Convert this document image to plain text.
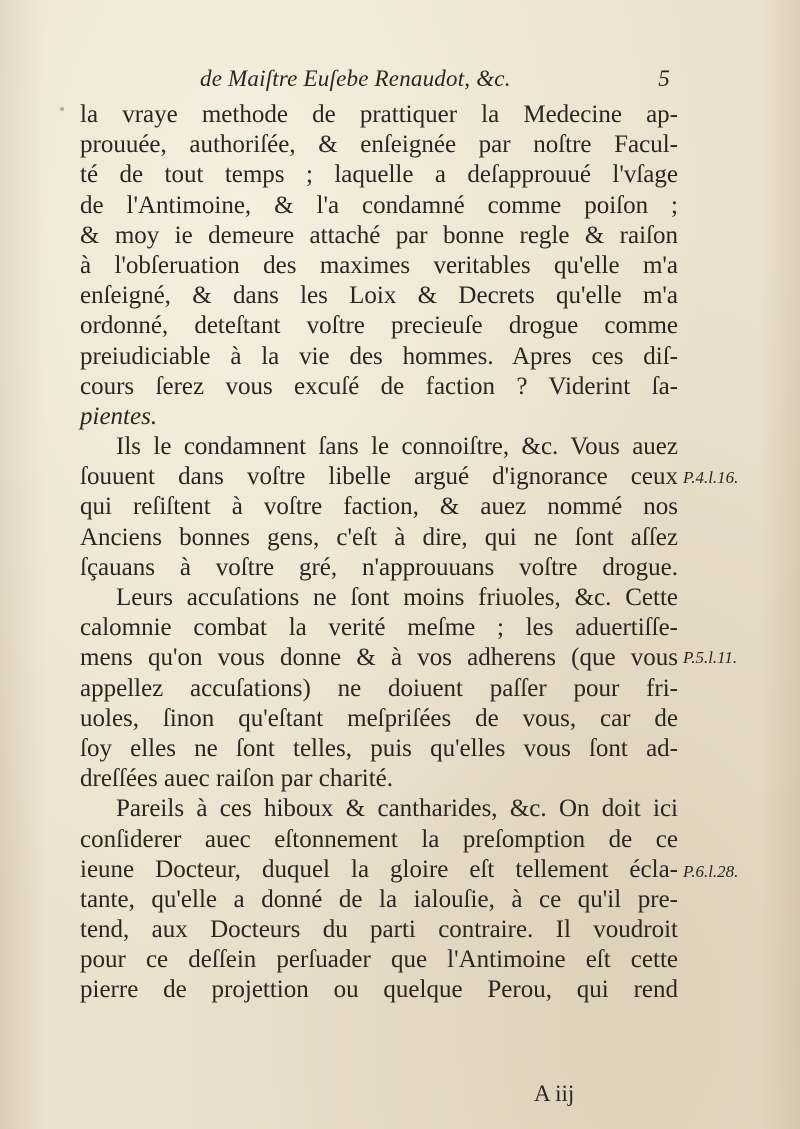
de Maiſtre Euſebe Renaudot, &c.	5
la vraye methode de prattiquer la Medecine ap-
prouuée, authoriſée, & enſeignée par noſtre Facul-
té de tout temps ; laquelle a deſapprouué l'vſage
de l'Antimoine, & l'a condamné comme poiſon ;
& moy ie demeure attaché par bonne regle & raiſon
à l'obſeruation des maximes veritables qu'elle m'a
enſeigné, & dans les Loix & Decrets qu'elle m'a
ordonné, deteſtant voſtre precieuſe drogue comme
preiudiciable à la vie des hommes. Apres ces diſ-
cours ſerez vous excuſé de faction ? Viderint ſa-
pientes.
Ils le condamnent ſans le connoiſtre, &c. Vous auez
ſouuent dans voſtre libelle argué d'ignorance ceux
qui reſiſtent à voſtre faction, & auez nommé nos
Anciens bonnes gens, c'eſt à dire, qui ne ſont aſſez
ſçauans à voſtre gré, n'approuuans voſtre drogue.
Leurs accuſations ne ſont moins friuoles, &c. Cette
calomnie combat la verité meſme ; les aduertiſſe-
mens qu'on vous donne & à vos adherens (que vous
appellez accuſations) ne doiuent paſſer pour fri-
uoles, ſinon qu'eſtant meſpriſées de vous, car de
ſoy elles ne ſont telles, puis qu'elles vous ſont ad-
dreſſées auec raiſon par charité.
Pareils à ces hiboux & cantharides, &c. On doit ici
conſiderer auec eſtonnement la preſomption de ce
ieune Docteur, duquel la gloire eſt tellement écla-
tante, qu'elle a donné de la ialouſie, à ce qu'il pre-
tend, aux Docteurs du parti contraire. Il voudroit
pour ce deſſein perſuader que l'Antimoine eſt cette
pierre de projettion ou quelque Perou, qui rend
P.4.l.16.
P.5.l.11.
P.6.l.28.
A iij
